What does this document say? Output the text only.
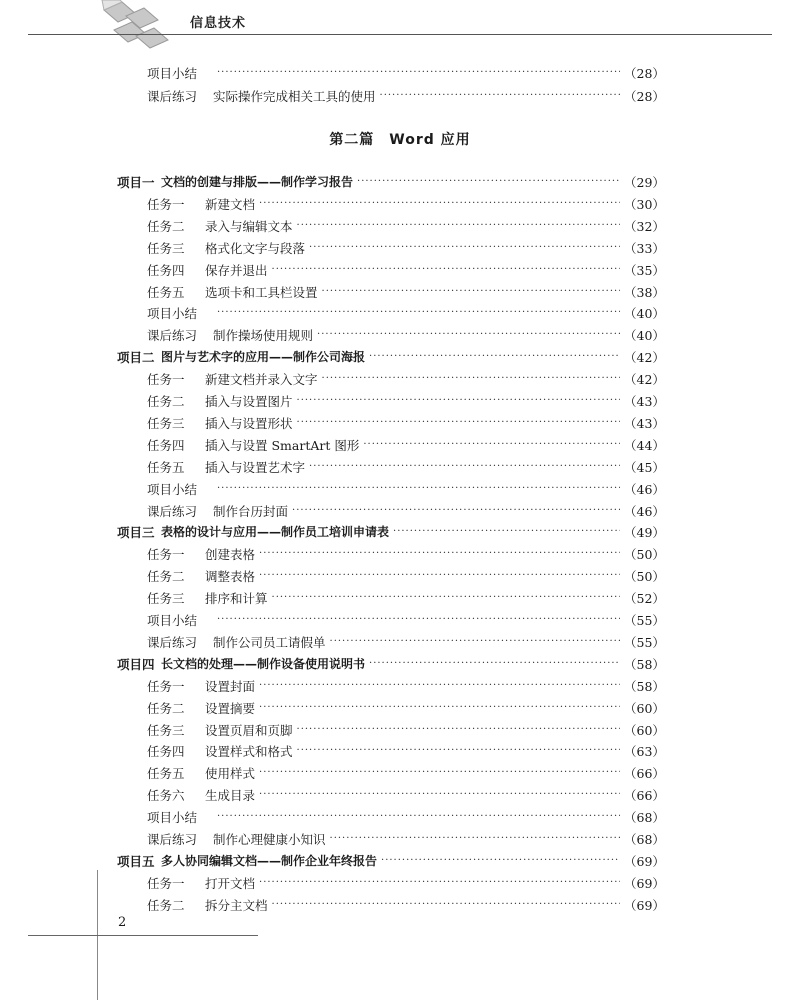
信息技术
第二篇　Word 应用
项目小结 ·····	（28）
课后练习	实际操作完成相关工具的使用 ·····	（28）
项目一 文档的创建与排版——制作学习报告 ·····	（29）
任务一	新建文档 ·····	（30）
任务二	录入与编辑文本 ·····	（32）
任务三	格式化文字与段落 ·····	（33）
任务四	保存并退出 ·····	（35）
任务五	选项卡和工具栏设置 ·····	（38）
项目小结 ·····	（40）
课后练习	制作操场使用规则 ·····	（40）
项目二 图片与艺术字的应用——制作公司海报 ·····	（42）
任务一	新建文档并录入文字 ·····	（42）
任务二	插入与设置图片 ·····	（43）
任务三	插入与设置形状 ·····	（43）
任务四	插入与设置 SmartArt 图形 ·····	（44）
任务五	插入与设置艺术字 ·····	（45）
项目小结 ·····	（46）
课后练习	制作台历封面 ·····	（46）
项目三 表格的设计与应用——制作员工培训申请表 ·····	（49）
任务一	创建表格 ·····	（50）
任务二	调整表格 ·····	（50）
任务三	排序和计算 ·····	（52）
项目小结 ·····	（55）
课后练习	制作公司员工请假单 ·····	（55）
项目四 长文档的处理——制作设备使用说明书 ·····	（58）
任务一	设置封面 ·····	（58）
任务二	设置摘要 ·····	（60）
任务三	设置页眉和页脚 ·····	（60）
任务四	设置样式和格式 ·····	（63）
任务五	使用样式 ·····	（66）
任务六	生成目录 ·····	（66）
项目小结 ·····	（68）
课后练习	制作心理健康小知识 ·····	（68）
项目五 多人协同编辑文档——制作企业年终报告 ·····	（69）
任务一	打开文档 ·····	（69）
任务二	拆分主文档 ·····	（69）
2
